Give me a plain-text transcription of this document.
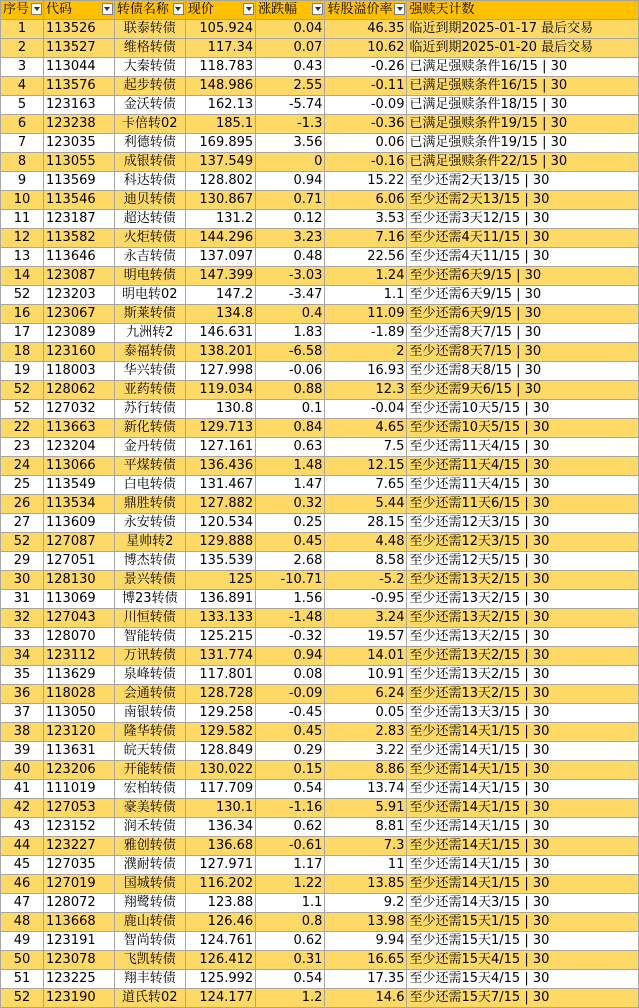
序号	代码	转债名称	现价	涨跌幅	转股溢价率	强赎天计数
1	113526	联泰转债	105.924	0.04	46.35	临近到期2025-01-17 最后交易
2	113527	维格转债	117.34	0.07	10.62	临近到期2025-01-20 最后交易
3	113044	大秦转债	118.783	0.43	-0.26	已满足强赎条件16/15 | 30
4	113576	起步转债	148.986	2.55	-0.11	已满足强赎条件16/15 | 30
5	123163	金沃转债	162.13	-5.74	-0.09	已满足强赎条件18/15 | 30
6	123238	卡倍转02	185.1	-1.3	-0.36	已满足强赎条件19/15 | 30
7	123035	利德转债	169.895	3.56	0.06	已满足强赎条件19/15 | 30
8	113055	成银转债	137.549	0	-0.16	已满足强赎条件22/15 | 30
9	113569	科达转债	128.802	0.94	15.22	至少还需2天13/15 | 30
10	113546	迪贝转债	130.867	0.71	6.06	至少还需2天13/15 | 30
11	123187	超达转债	131.2	0.12	3.53	至少还需3天12/15 | 30
12	113582	火炬转债	144.296	3.23	7.16	至少还需4天11/15 | 30
13	113646	永吉转债	137.097	0.48	22.56	至少还需4天11/15 | 30
14	123087	明电转债	147.399	-3.03	1.24	至少还需6天9/15 | 30
52	123203	明电转02	147.2	-3.47	1.1	至少还需6天9/15 | 30
16	123067	斯莱转债	134.8	0.4	11.09	至少还需6天9/15 | 30
17	123089	九洲转2	146.631	1.83	-1.89	至少还需8天7/15 | 30
18	123160	泰福转债	138.201	-6.58	2	至少还需8天7/15 | 30
19	118003	华兴转债	127.998	-0.06	16.93	至少还需8天8/15 | 30
52	128062	亚药转债	119.034	0.88	12.3	至少还需9天6/15 | 30
52	127032	苏行转债	130.8	0.1	-0.04	至少还需10天5/15 | 30
22	113663	新化转债	129.713	0.84	4.65	至少还需10天5/15 | 30
23	123204	金丹转债	127.161	0.63	7.5	至少还需11天4/15 | 30
24	113066	平煤转债	136.436	1.48	12.15	至少还需11天4/15 | 30
25	113549	白电转债	131.467	1.47	7.65	至少还需11天4/15 | 30
26	113534	鼎胜转债	127.882	0.32	5.44	至少还需11天6/15 | 30
27	113609	永安转债	120.534	0.25	28.15	至少还需12天3/15 | 30
52	127087	星帅转2	129.888	0.45	4.48	至少还需12天3/15 | 30
29	127051	博杰转债	135.539	2.68	8.58	至少还需12天5/15 | 30
30	128130	景兴转债	125	-10.71	-5.2	至少还需13天2/15 | 30
31	113069	博23转债	136.891	1.56	-0.95	至少还需13天2/15 | 30
32	127043	川恒转债	133.133	-1.48	3.24	至少还需13天2/15 | 30
33	128070	智能转债	125.215	-0.32	19.57	至少还需13天2/15 | 30
34	123112	万讯转债	131.774	0.94	14.01	至少还需13天2/15 | 30
35	113629	泉峰转债	117.801	0.08	10.91	至少还需13天2/15 | 30
36	118028	会通转债	128.728	-0.09	6.24	至少还需13天2/15 | 30
37	113050	南银转债	129.258	-0.45	0.05	至少还需13天3/15 | 30
38	123120	隆华转债	129.582	0.45	2.83	至少还需14天1/15 | 30
39	113631	皖天转债	128.849	0.29	3.22	至少还需14天1/15 | 30
40	123206	开能转债	130.022	0.15	8.86	至少还需14天1/15 | 30
41	111019	宏柏转债	117.709	0.54	13.74	至少还需14天1/15 | 30
42	127053	豪美转债	130.1	-1.16	5.91	至少还需14天1/15 | 30
43	123152	润禾转债	136.34	0.62	8.81	至少还需14天1/15 | 30
44	123227	雅创转债	136.68	-0.61	7.3	至少还需14天1/15 | 30
45	127035	濮耐转债	127.971	1.17	11	至少还需14天1/15 | 30
46	127019	国城转债	116.202	1.22	13.85	至少还需14天1/15 | 30
47	128072	翔鹭转债	123.88	1.1	9.2	至少还需14天3/15 | 30
48	113668	鹿山转债	126.46	0.8	13.98	至少还需15天1/15 | 30
49	123191	智尚转债	124.761	0.62	9.94	至少还需15天1/15 | 30
50	123078	飞凯转债	126.412	0.31	16.65	至少还需15天4/15 | 30
51	123225	翔丰转债	125.992	0.54	17.35	至少还需15天4/15 | 30
52	123190	道氏转02	124.177	1.2	14.6	至少还需15天7/15 | 30
